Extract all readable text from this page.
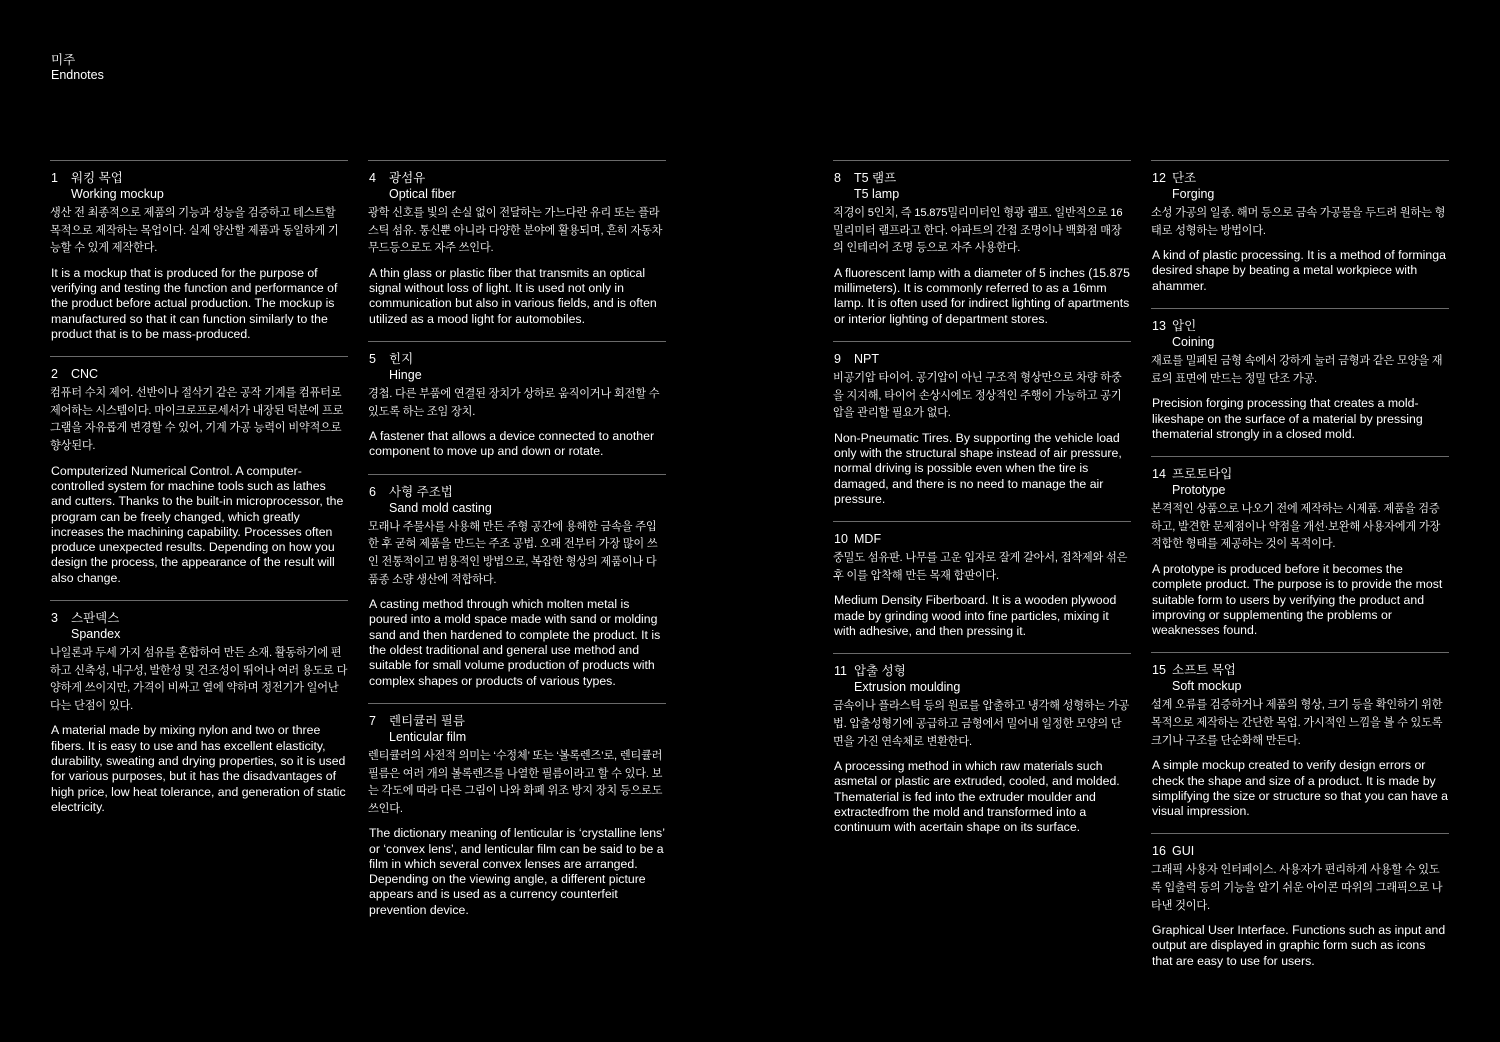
미주
Endnotes
1	워킹 목업
Working mockup
생산 전 최종적으로 제품의 기능과 성능을 검증하고 테스트할 목적으로 제작하는 목업이다. 실제 양산할 제품과 동일하게 기능할 수 있게 제작한다.
It is a mockup that is produced for the purpose of verifying and testing the function and performance of the product before actual production. The mockup is manufactured so that it can function similarly to the product that is to be mass-produced.
2	CNC
컴퓨터 수치 제어. 선반이나 절삭기 같은 공작 기계를 컴퓨터로 제어하는 시스템이다. 마이크로프로세서가 내장된 덕분에 프로그램을 자유롭게 변경할 수 있어, 기계 가공 능력이 비약적으로 향상된다.
Computerized Numerical Control. A computer-controlled system for machine tools such as lathes and cutters. Thanks to the built-in microprocessor, the program can be freely changed, which greatly increases the machining capability. Processes often produce unexpected results. Depending on how you design the process, the appearance of the result will also change.
3	스판덱스
Spandex
나일론과 두세 가지 섬유를 혼합하여 만든 소재. 활동하기에 편하고 신축성, 내구성, 발한성 및 건조성이 뛰어나 여러 용도로 다양하게 쓰이지만, 가격이 비싸고 열에 약하며 정전기가 일어난다는 단점이 있다.
A material made by mixing nylon and two or three fibers. It is easy to use and has excellent elasticity, durability, sweating and drying properties, so it is used for various purposes, but it has the disadvantages of high price, low heat tolerance, and generation of static electricity.
4	광섬유
Optical fiber
광학 신호를 빛의 손실 없이 전달하는 가느다란 유리 또는 플라스틱 섬유. 통신뿐 아니라 다양한 분야에 활용되며, 흔히 자동차 무드등으로도 자주 쓰인다.
A thin glass or plastic fiber that transmits an optical signal without loss of light. It is used not only in communication but also in various fields, and is often utilized as a mood light for automobiles.
5	힌지
Hinge
경첩. 다른 부품에 연결된 장치가 상하로 움직이거나 회전할 수 있도록 하는 조임 장치.
A fastener that allows a device connected to another component to move up and down or rotate.
6	사형 주조법
Sand mold casting
모래나 주물사를 사용해 만든 주형 공간에 용해한 금속을 주입한 후 굳혀 제품을 만드는 주조 공법. 오래 전부터 가장 많이 쓰인 전통적이고 범용적인 방법으로, 복잡한 형상의 제품이나 다품종 소량 생산에 적합하다.
A casting method through which molten metal is poured into a mold space made with sand or molding sand and then hardened to complete the product. It is the oldest traditional and general use method and suitable for small volume production of products with complex shapes or products of various types.
7	렌티큘러 필름
Lenticular film
렌티큘러의 사전적 의미는 ‘수정체’ 또는 ‘볼록렌즈’로, 렌티큘러 필름은 여러 개의 볼록렌즈를 나열한 필름이라고 할 수 있다. 보는 각도에 따라 다른 그림이 나와 화폐 위조 방지 장치 등으로도 쓰인다.
The dictionary meaning of lenticular is ‘crystalline lens’ or ‘convex lens’, and lenticular film can be said to be a film in which several convex lenses are arranged. Depending on the viewing angle, a different picture appears and is used as a currency counterfeit prevention device.
8	T5 램프
T5 lamp
직경이 5인치, 즉 15.875밀리미터인 형광 램프. 일반적으로 16밀리미터 램프라고 한다. 아파트의 간접 조명이나 백화점 매장의 인테리어 조명 등으로 자주 사용한다.
A fluorescent lamp with a diameter of 5 inches (15.875 millimeters). It is commonly referred to as a 16mm lamp. It is often used for indirect lighting of apartments or interior lighting of department stores.
9	NPT
비공기압 타이어. 공기압이 아닌 구조적 형상만으로 차량 하중을 지지해, 타이어 손상시에도 정상적인 주행이 가능하고 공기압을 관리할 필요가 없다.
Non-Pneumatic Tires. By supporting the vehicle load only with the structural shape instead of air pressure, normal driving is possible even when the tire is damaged, and there is no need to manage the air pressure.
10 MDF
중밀도 섬유판. 나무를 고운 입자로 잘게 갈아서, 접착제와 섞은 후 이를 압착해 만든 목재 합판이다.
Medium Density Fiberboard. It is a wooden plywood made by grinding wood into fine particles, mixing it with adhesive, and then pressing it.
11 압출 성형
Extrusion moulding
금속이나 플라스틱 등의 원료를 압출하고 냉각해 성형하는 가공법. 압출성형기에 공급하고 금형에서 밀어내 일정한 모양의 단면을 가진 연속체로 변환한다.
A processing method in which raw materials such asmetal or plastic are extruded, cooled, and molded. Thematerial is fed into the extruder moulder and extractedfrom the mold and transformed into a continuum with acertain shape on its surface.
12 단조
Forging
소성 가공의 일종. 해머 등으로 금속 가공물을 두드려 원하는 형태로 성형하는 방법이다.
A kind of plastic processing. It is a method of forminga desired shape by beating a metal workpiece with ahammer.
13 압인
Coining
재료를 밀폐된 금형 속에서 강하게 눌러 금형과 같은 모양을 재료의 표면에 만드는 정밀 단조 가공.
Precision forging processing that creates a mold-likeshape on the surface of a material by pressing thematerial strongly in a closed mold.
14 프로토타입
Prototype
본격적인 상품으로 나오기 전에 제작하는 시제품. 제품을 검증하고, 발견한 문제점이나 약점을 개선·보완해 사용자에게 가장 적합한 형태를 제공하는 것이 목적이다.
A prototype is produced before it becomes the complete product. The purpose is to provide the most suitable form to users by verifying the product and improving or supplementing the problems or weaknesses found.
15 소프트 목업
Soft mockup
설계 오류를 검증하거나 제품의 형상, 크기 등을 확인하기 위한 목적으로 제작하는 간단한 목업. 가시적인 느낌을 볼 수 있도록 크기나 구조를 단순화해 만든다.
A simple mockup created to verify design errors or check the shape and size of a product. It is made by simplifying the size or structure so that you can have a visual impression.
16 GUI
그래픽 사용자 인터페이스. 사용자가 편리하게 사용할 수 있도록 입출력 등의 기능을 알기 쉬운 아이콘 따위의 그래픽으로 나타낸 것이다.
Graphical User Interface. Functions such as input and output are displayed in graphic form such as icons that are easy to use for users.
